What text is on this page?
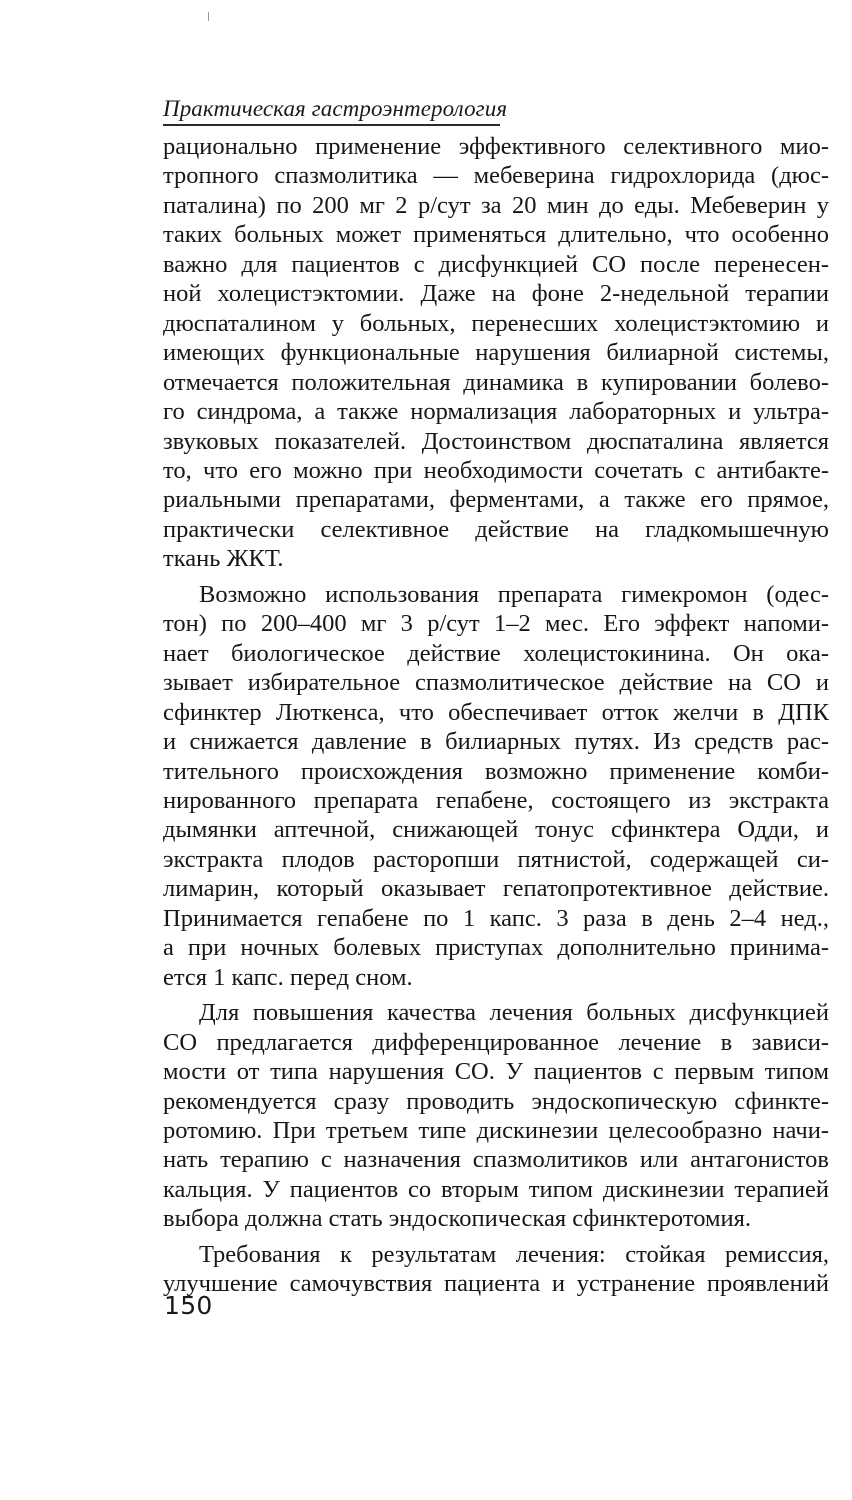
Практическая гастроэнтерология

рационально применение эффективного селективного мио-
тропного спазмолитика — мебеверина гидрохлорида (дюс-
паталина) по 200 мг 2 р/сут за 20 мин до еды. Мебеверин у
таких больных может применяться длительно, что особенно
важно для пациентов с дисфункцией СО после перенесен-
ной холецистэктомии. Даже на фоне 2-недельной терапии
дюспаталином у больных, перенесших холецистэктомию и
имеющих функциональные нарушения билиарной системы,
отмечается положительная динамика в купировании болево-
го синдрома, а также нормализация лабораторных и ультра-
звуковых показателей. Достоинством дюспаталина является
то, что его можно при необходимости сочетать с антибакте-
риальными препаратами, ферментами, а также его прямое,
практически селективное действие на гладкомышечную
ткань ЖКТ.

Возможно использования препарата гимекромон (одес-
тон) по 200–400 мг 3 р/сут 1–2 мес. Его эффект напоми-
нает биологическое действие холецистокинина. Он ока-
зывает избирательное спазмолитическое действие на СО и
сфинктер Люткенса, что обеспечивает отток желчи в ДПК
и снижается давление в билиарных путях. Из средств рас-
тительного происхождения возможно применение комби-
нированного препарата гепабене, состоящего из экстракта
дымянки аптечной, снижающей тонус сфинктера Одди, и
экстракта плодов расторопши пятнистой, содержащей си-
лимарин, который оказывает гепатопротективное действие.
Принимается гепабене по 1 капс. 3 раза в день 2–4 нед.,
а при ночных болевых приступах дополнительно принима-
ется 1 капс. перед сном.

Для повышения качества лечения больных дисфункцией
СО предлагается дифференцированное лечение в зависи-
мости от типа нарушения СО. У пациентов с первым типом
рекомендуется сразу проводить эндоскопическую сфинкте-
ротомию. При третьем типе дискинезии целесообразно начи-
нать терапию с назначения спазмолитиков или антагонистов
кальция. У пациентов со вторым типом дискинезии терапией
выбора должна стать эндоскопическая сфинктеротомия.

Требования к результатам лечения: стойкая ремиссия,
улучшение самочувствия пациента и устранение проявлений

150
